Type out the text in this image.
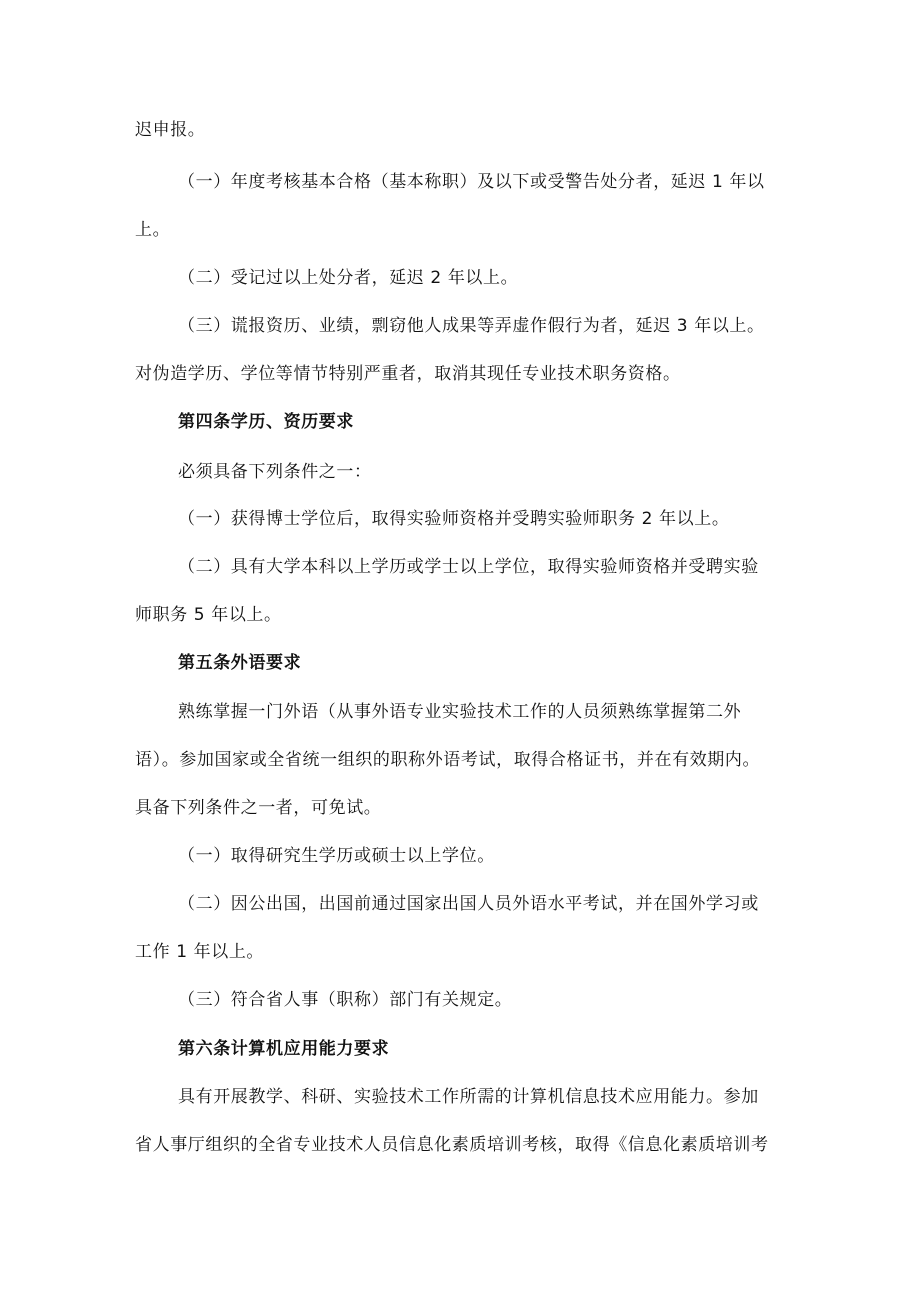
迟申报。
（一）年度考核基本合格（基本称职）及以下或受警告处分者，延迟 1 年以
上。
（二）受记过以上处分者，延迟 2 年以上。
（三）谎报资历、业绩，剽窃他人成果等弄虚作假行为者，延迟 3 年以上。
对伪造学历、学位等情节特别严重者，取消其现任专业技术职务资格。
第四条学历、资历要求
必须具备下列条件之一：
（一）获得博士学位后，取得实验师资格并受聘实验师职务 2 年以上。
（二）具有大学本科以上学历或学士以上学位，取得实验师资格并受聘实验
师职务 5 年以上。
第五条外语要求
熟练掌握一门外语（从事外语专业实验技术工作的人员须熟练掌握第二外
语）。参加国家或全省统一组织的职称外语考试，取得合格证书，并在有效期内。
具备下列条件之一者，可免试。
（一）取得研究生学历或硕士以上学位。
（二）因公出国，出国前通过国家出国人员外语水平考试，并在国外学习或
工作 1 年以上。
（三）符合省人事（职称）部门有关规定。
第六条计算机应用能力要求
具有开展教学、科研、实验技术工作所需的计算机信息技术应用能力。参加
省人事厅组织的全省专业技术人员信息化素质培训考核，取得《信息化素质培训考
